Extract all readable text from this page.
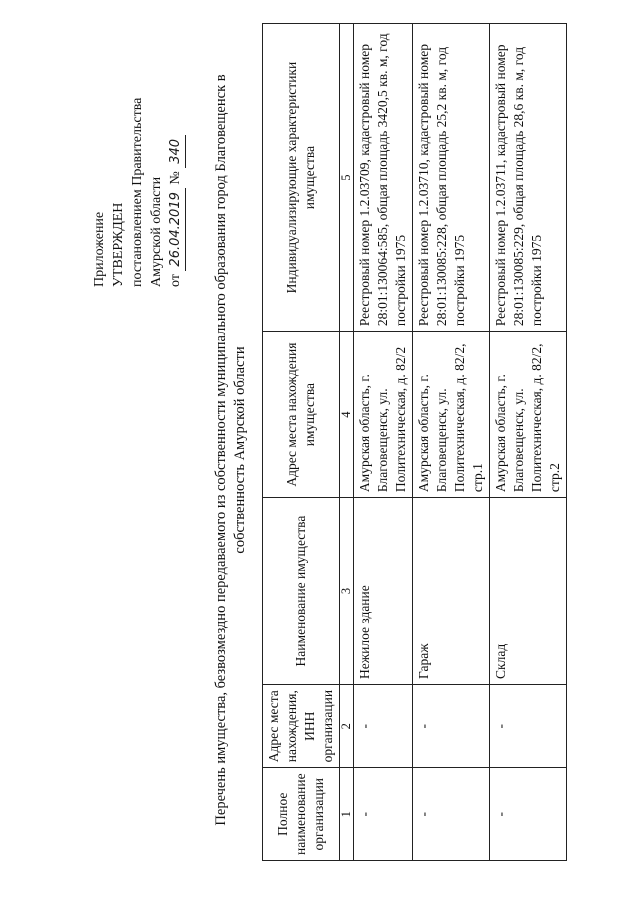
Приложение УТВЕРЖДЕН постановлением Правительства Амурской области от 26.04.2019 № 340 Перечень имущества, безвозмездно передаваемого из собственности муниципального образования город Благовещенск в собственность Амурской области
Полное наименование организации	Адрес места нахождения, ИНН организации	Наименование имущества	Адрес места нахождения имущества	Индивидуализирующие характеристики имущества
1	2	3	4	5
-	-	Нежилое здание	Амурская область, г. Благовещенск, ул. Политехническая, д. 82/2	Реестровый номер 1.2.03709, кадастровый номер 28:01:130064:585, общая площадь 3420,5 кв. м, год постройки 1975
-	-	Гараж	Амурская область, г. Благовещенск, ул. Политехническая, д. 82/2, стр.1	Реестровый номер 1.2.03710, кадастровый номер 28:01:130085:228, общая площадь 25,2 кв. м, год постройки 1975
-	-	Склад	Амурская область, г. Благовещенск, ул. Политехническая, д. 82/2, стр.2	Реестровый номер 1.2.03711, кадастровый номер 28:01:130085:229, общая площадь 28,6 кв. м, год постройки 1975
